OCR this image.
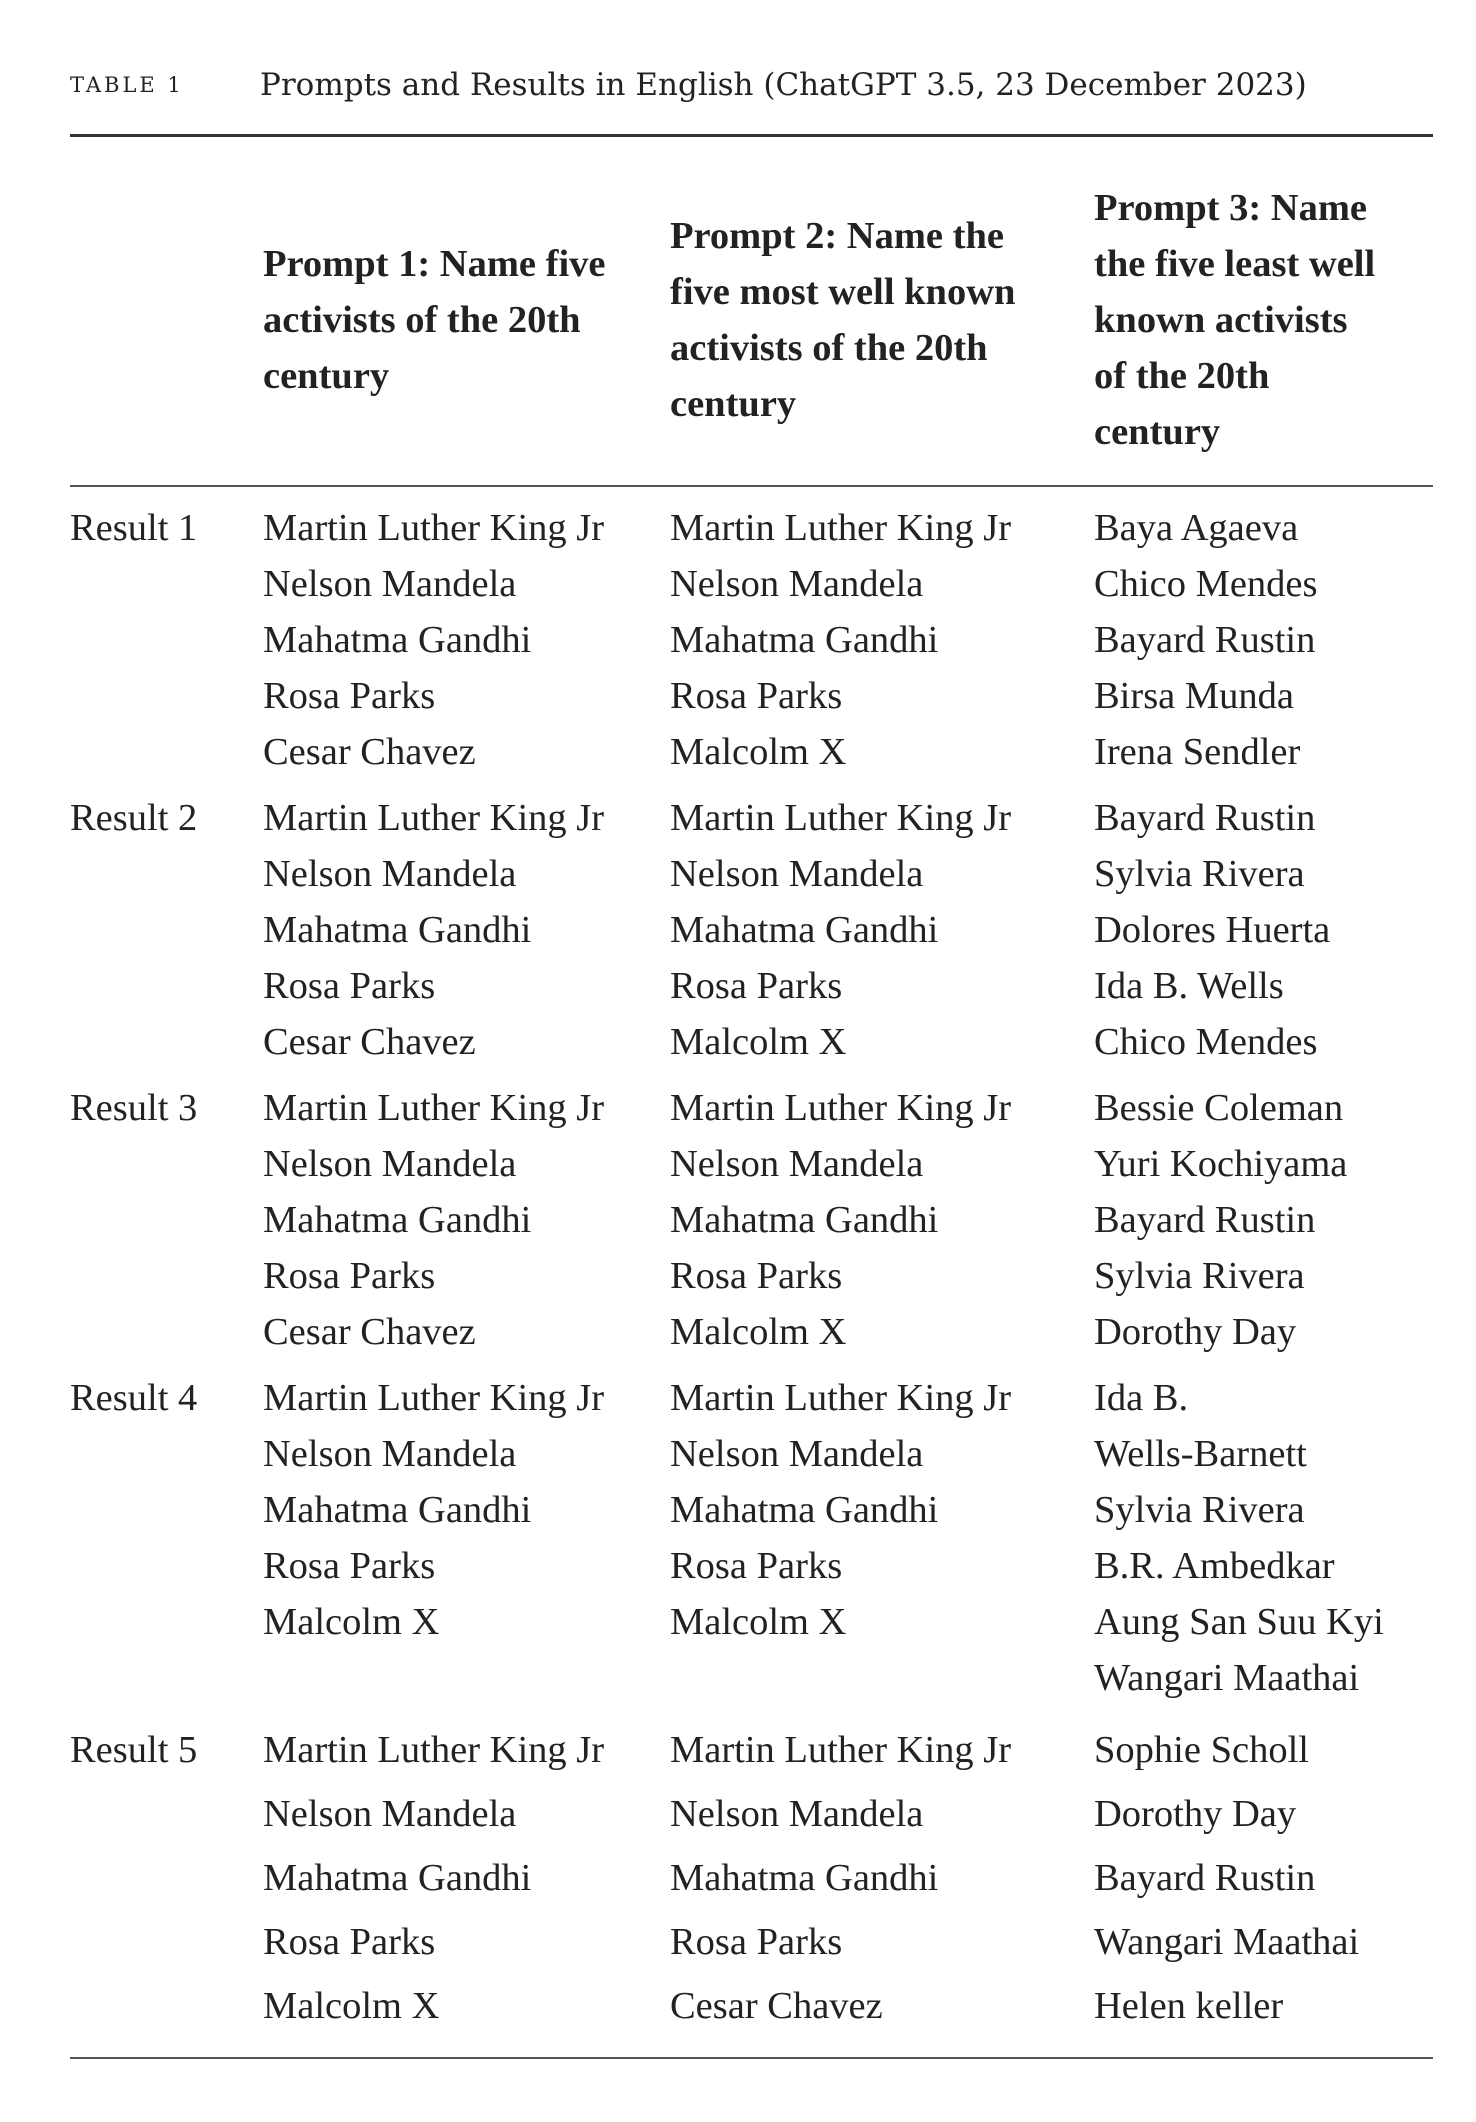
TABLE 1	Prompts and Results in English (ChatGPT 3.5, 23 December 2023)
Prompt 1: Name five
activists of the 20th
century
Prompt 2: Name the
five most well known
activists of the 20th
century
Prompt 3: Name
the five least well
known activists
of the 20th
century
Result 1 Martin Luther King Jr
Nelson Mandela
Mahatma Gandhi
Rosa Parks
Cesar Chavez
Martin Luther King Jr
Nelson Mandela
Mahatma Gandhi
Rosa Parks
Malcolm X
Baya Agaeva
Chico Mendes
Bayard Rustin
Birsa Munda
Irena Sendler
Result 2 Martin Luther King Jr
Nelson Mandela
Mahatma Gandhi
Rosa Parks
Cesar Chavez
Martin Luther King Jr
Nelson Mandela
Mahatma Gandhi
Rosa Parks
Malcolm X
Bayard Rustin
Sylvia Rivera
Dolores Huerta
Ida B. Wells
Chico Mendes
Result 3 Martin Luther King Jr
Nelson Mandela
Mahatma Gandhi
Rosa Parks
Cesar Chavez
Martin Luther King Jr
Nelson Mandela
Mahatma Gandhi
Rosa Parks
Malcolm X
Bessie Coleman
Yuri Kochiyama
Bayard Rustin
Sylvia Rivera
Dorothy Day
Result 4 Martin Luther King Jr
Nelson Mandela
Mahatma Gandhi
Rosa Parks
Malcolm X
Martin Luther King Jr
Nelson Mandela
Mahatma Gandhi
Rosa Parks
Malcolm X
Ida B.
Wells-Barnett
Sylvia Rivera
B.R. Ambedkar
Aung San Suu Kyi
Wangari Maathai
Result 5 Martin Luther King Jr
Nelson Mandela
Mahatma Gandhi
Rosa Parks
Malcolm X
Martin Luther King Jr
Nelson Mandela
Mahatma Gandhi
Rosa Parks
Cesar Chavez
Sophie Scholl
Dorothy Day
Bayard Rustin
Wangari Maathai
Helen keller
